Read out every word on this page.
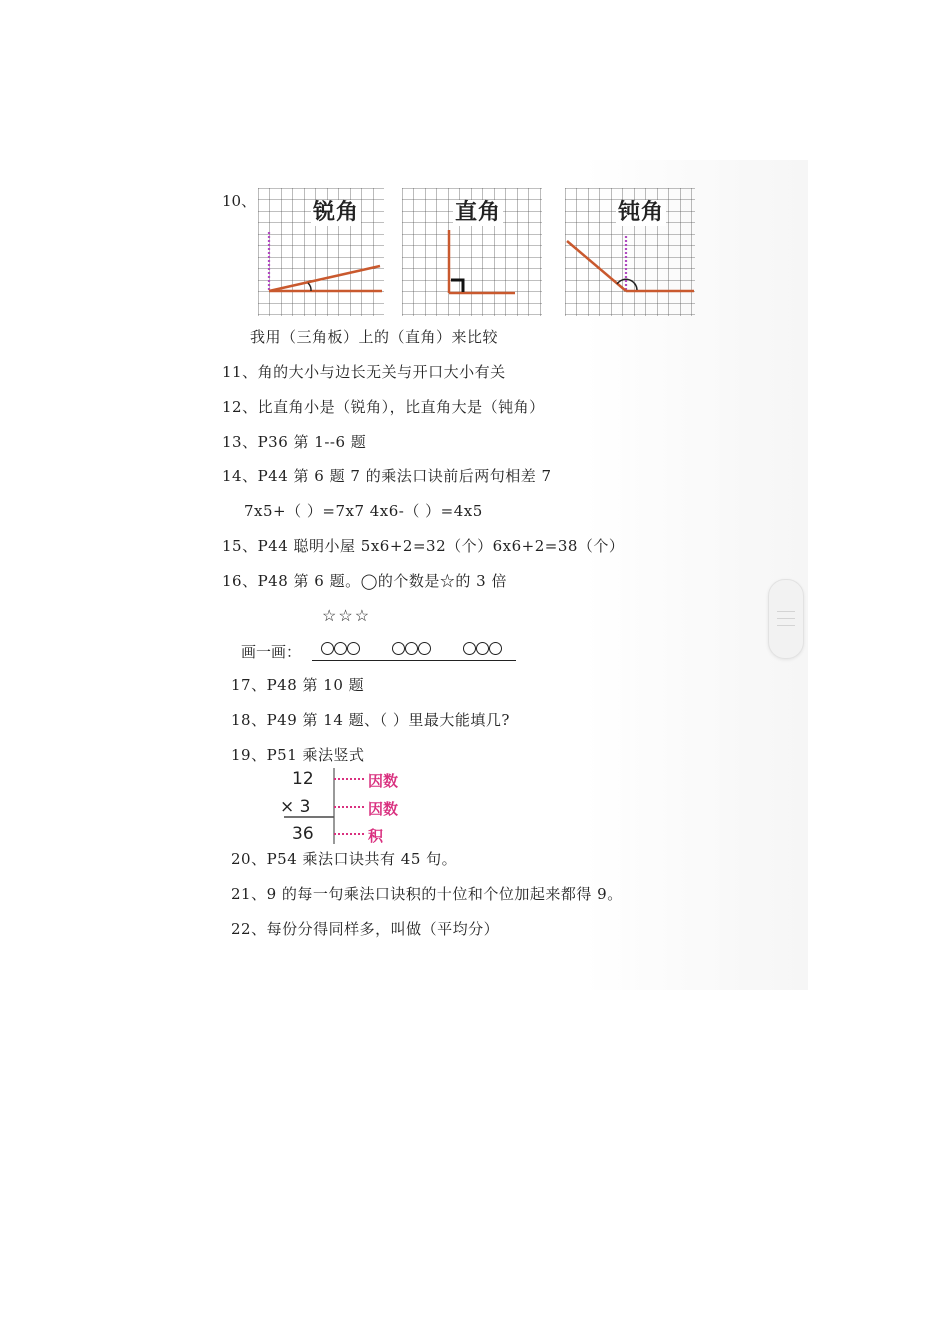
10、	锐角	直角	钝角
我用（三角板）上的（直角）来比较
11、角的大小与边长无关与开口大小有关
12、比直角小是（锐角），比直角大是（钝角）
13、P36 第 1--6 题
14、P44 第 6 题 7 的乘法口诀前后两句相差 7
7x5+（ ）=7x7 4x6-（ ）=4x5
15、P44 聪明小屋 5x6+2=32（个）6x6+2=38（个）
16、P48 第 6 题。◯的个数是☆的 3 倍
☆☆☆
画一画：
17、P48 第 10 题
18、P49 第 14 题、（ ）里最大能填几?
19、P51 乘法竖式
12
× 3
36
因数
因数
积
20、P54 乘法口诀共有 45 句。
21、9 的每一句乘法口诀积的十位和个位加起来都得 9。
22、每份分得同样多，叫做（平均分）
